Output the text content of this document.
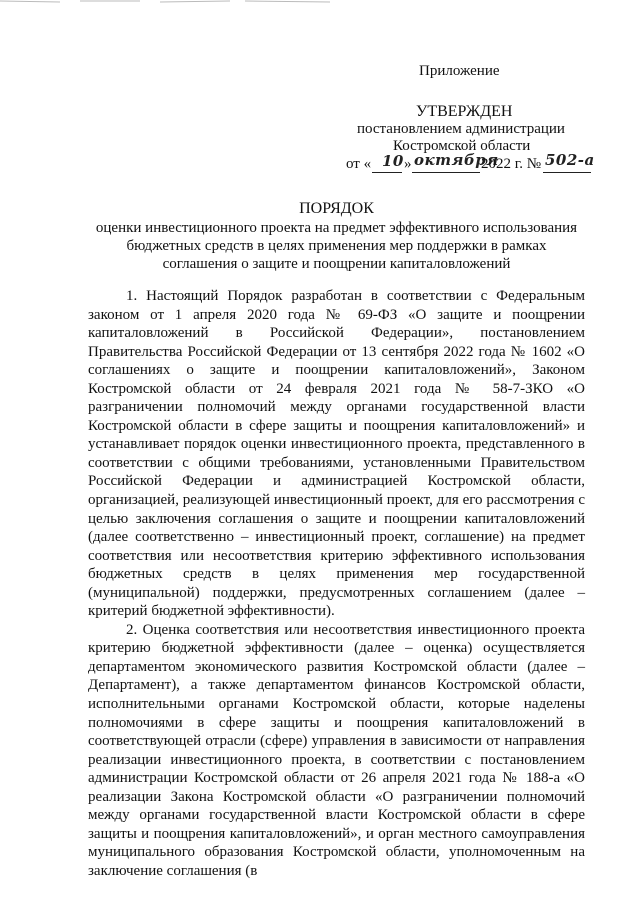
Приложение
УТВЕРЖДЕН
постановлением администрации
Костромской области
от « 10 » октября
2022 г. № 502-а
ПОРЯДОК
оценки инвестиционного проекта на предмет эффективного использования
бюджетных средств в целях применения мер поддержки в рамках
соглашения о защите и поощрении капиталовложений

1. Настоящий Порядок разработан в соответствии с Федеральным законом от 1 апреля 2020 года № 69-ФЗ «О защите и поощрении капиталовложений в Российской Федерации», постановлением Правительства Российской Федерации от 13 сентября 2022 года № 1602 «О соглашениях о защите и поощрении капиталовложений», Законом Костромской области от 24 февраля 2021 года № 58-7-ЗКО «О разграничении полномочий между органами государственной власти Костромской области в сфере защиты и поощрения капиталовложений» и устанавливает порядок оценки инвестиционного проекта, представленного в соответствии с общими требованиями, установленными Правительством Российской Федерации и администрацией Костромской области, организацией, реализующей инвестиционный проект, для его рассмотрения с целью заключения соглашения о защите и поощрении капиталовложений (далее соответственно – инвестиционный проект, соглашение) на предмет соответствия или несоответствия критерию эффективного использования бюджетных средств в целях применения мер государственной (муниципальной) поддержки, предусмотренных соглашением (далее – критерий бюджетной эффективности).

2. Оценка соответствия или несоответствия инвестиционного проекта критерию бюджетной эффективности (далее – оценка) осуществляется департаментом экономического развития Костромской области (далее – Департамент), а также департаментом финансов Костромской области, исполнительными органами Костромской области, которые наделены полномочиями в сфере защиты и поощрения капиталовложений в соответствующей отрасли (сфере) управления в зависимости от направления реализации инвестиционного проекта, в соответствии с постановлением администрации Костромской области от 26 апреля 2021 года № 188-а «О реализации Закона Костромской области «О разграничении полномочий между органами государственной власти Костромской области в сфере защиты и поощрения капиталовложений», и орган местного самоуправления муниципального образования Костромской области, уполномоченным на заключение соглашения (в
